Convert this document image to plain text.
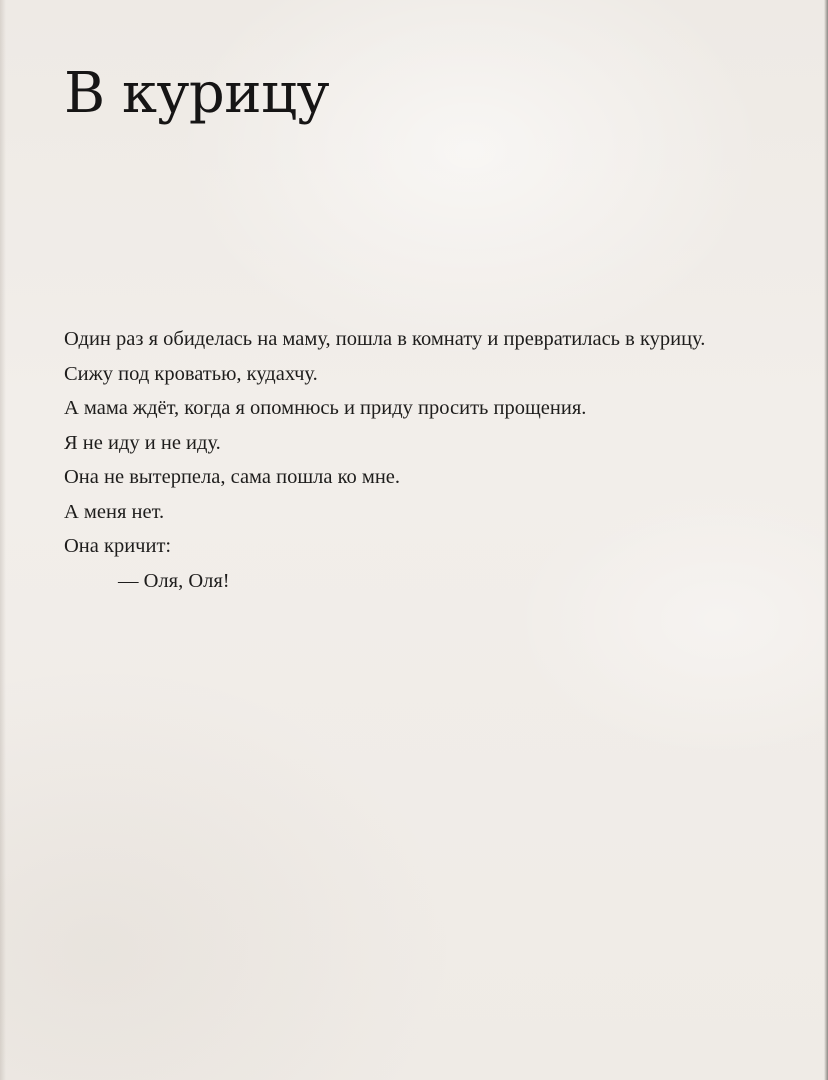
В курицу
Один раз я обиделась на маму, пошла в комнату и превратилась в курицу.
Сижу под кроватью, кудахчу.
А мама ждёт, когда я опомнюсь и приду просить прощения.
Я не иду и не иду.
Она не вытерпела, сама пошла ко мне.
А меня нет.
Она кричит:
— Оля, Оля!
